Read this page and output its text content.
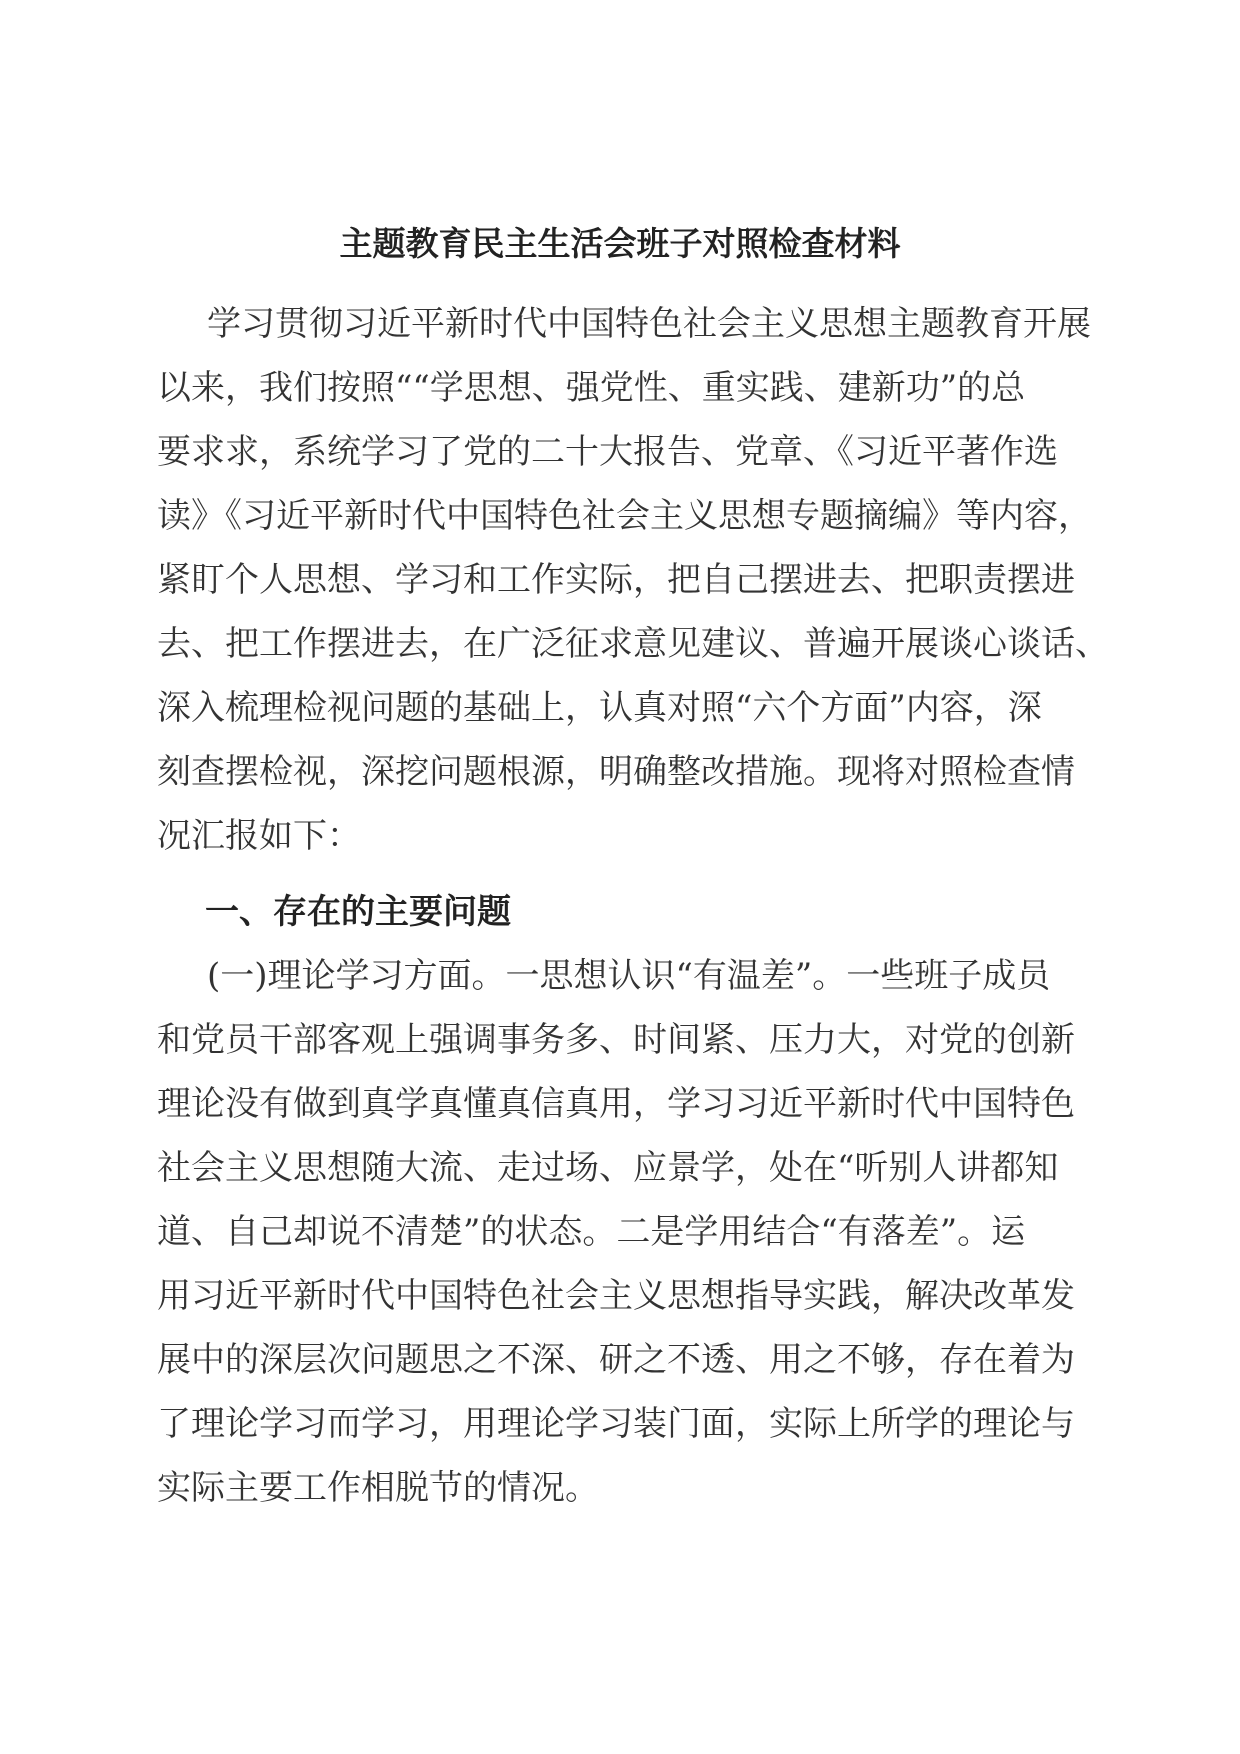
主题教育民主生活会班子对照检查材料
学习贯彻习近平新时代中国特色社会主义思想主题教育开展
以来，我们按照““学思想、强党性、重实践、建新功”的总
要求求，系统学习了党的二十大报告、党章、《习近平著作选
读》《习近平新时代中国特色社会主义思想专题摘编》等内容，
紧盯个人思想、学习和工作实际，把自己摆进去、把职责摆进
去、把工作摆进去，在广泛征求意见建议、普遍开展谈心谈话、
深入梳理检视问题的基础上，认真对照“六个方面”内容，深
刻查摆检视，深挖问题根源，明确整改措施。现将对照检查情
况汇报如下：
一、存在的主要问题
(一)理论学习方面。一思想认识“有温差”。一些班子成员
和党员干部客观上强调事务多、时间紧、压力大，对党的创新
理论没有做到真学真懂真信真用，学习习近平新时代中国特色
社会主义思想随大流、走过场、应景学，处在“听别人讲都知
道、自己却说不清楚”的状态。二是学用结合“有落差”。运
用习近平新时代中国特色社会主义思想指导实践，解决改革发
展中的深层次问题思之不深、研之不透、用之不够，存在着为
了理论学习而学习，用理论学习装门面，实际上所学的理论与
实际主要工作相脱节的情况。
